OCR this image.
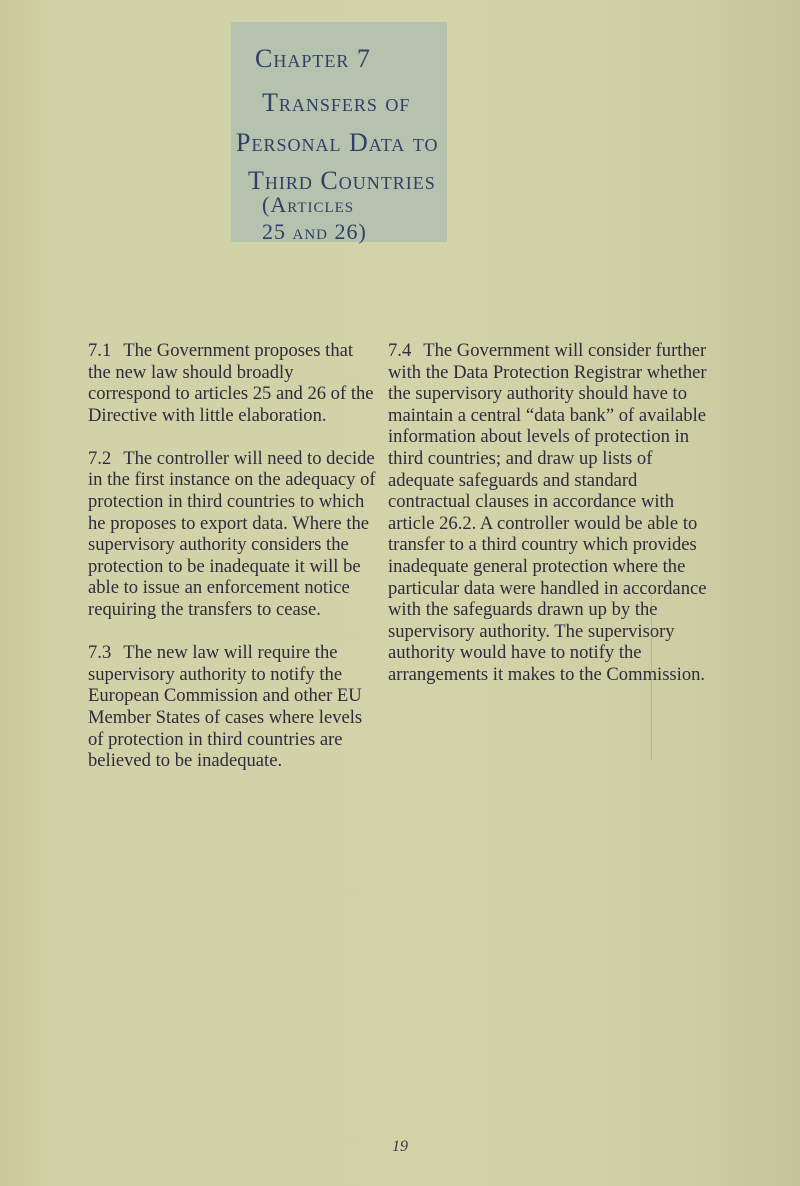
Chapter 7
Transfers of
Personal Data to
Third Countries
(Articles
25 and 26)

7.1 The Government proposes that the new law should broadly correspond to articles 25 and 26 of the Directive with little elaboration.

7.2 The controller will need to decide in the first instance on the adequacy of protection in third countries to which he proposes to export data. Where the supervisory authority considers the protection to be inadequate it will be able to issue an enforcement notice requiring the transfers to cease.

7.3 The new law will require the supervisory authority to notify the European Commission and other EU Member States of cases where levels of protection in third countries are believed to be inadequate.

7.4 The Government will consider further with the Data Protection Registrar whether the supervisory authority should have to maintain a central “data bank” of available information about levels of protection in third countries; and draw up lists of adequate safeguards and standard contractual clauses in accordance with article 26.2. A controller would be able to transfer to a third country which provides inadequate general protection where the particular data were handled in accordance with the safeguards drawn up by the supervisory authority. The supervisory authority would have to notify the arrangements it makes to the Commission.

19
